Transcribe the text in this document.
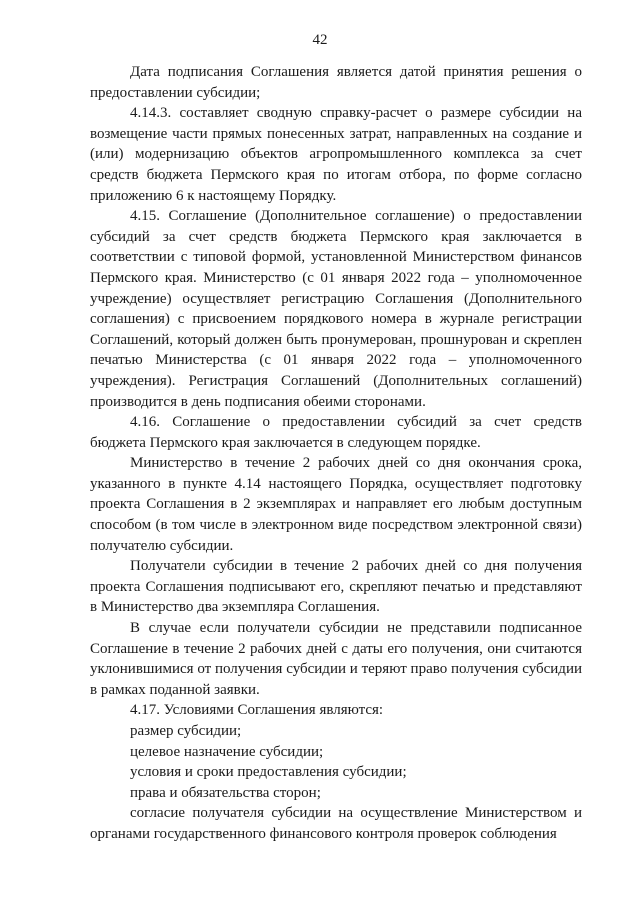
42

Дата подписания Соглашения является датой принятия решения о предоставлении субсидии;

4.14.3. составляет сводную справку-расчет о размере субсидии на возмещение части прямых понесенных затрат, направленных на создание и (или) модернизацию объектов агропромышленного комплекса за счет средств бюджета Пермского края по итогам отбора, по форме согласно приложению 6 к настоящему Порядку.

4.15. Соглашение (Дополнительное соглашение) о предоставлении субсидий за счет средств бюджета Пермского края заключается в соответствии с типовой формой, установленной Министерством финансов Пермского края. Министерство (с 01 января 2022 года – уполномоченное учреждение) осуществляет регистрацию Соглашения (Дополнительного соглашения) с присвоением порядкового номера в журнале регистрации Соглашений, который должен быть пронумерован, прошнурован и скреплен печатью Министерства (с 01 января 2022 года – уполномоченного учреждения). Регистрация Соглашений (Дополнительных соглашений) производится в день подписания обеими сторонами.

4.16. Соглашение о предоставлении субсидий за счет средств бюджета Пермского края заключается в следующем порядке.

Министерство в течение 2 рабочих дней со дня окончания срока, указанного в пункте 4.14 настоящего Порядка, осуществляет подготовку проекта Соглашения в 2 экземплярах и направляет его любым доступным способом (в том числе в электронном виде посредством электронной связи) получателю субсидии.

Получатели субсидии в течение 2 рабочих дней со дня получения проекта Соглашения подписывают его, скрепляют печатью и представляют в Министерство два экземпляра Соглашения.

В случае если получатели субсидии не представили подписанное Соглашение в течение 2 рабочих дней с даты его получения, они считаются уклонившимися от получения субсидии и теряют право получения субсидии в рамках поданной заявки.

4.17. Условиями Соглашения являются:

размер субсидии;

целевое назначение субсидии;

условия и сроки предоставления субсидии;

права и обязательства сторон;

согласие получателя субсидии на осуществление Министерством и органами государственного финансового контроля проверок соблюдения
